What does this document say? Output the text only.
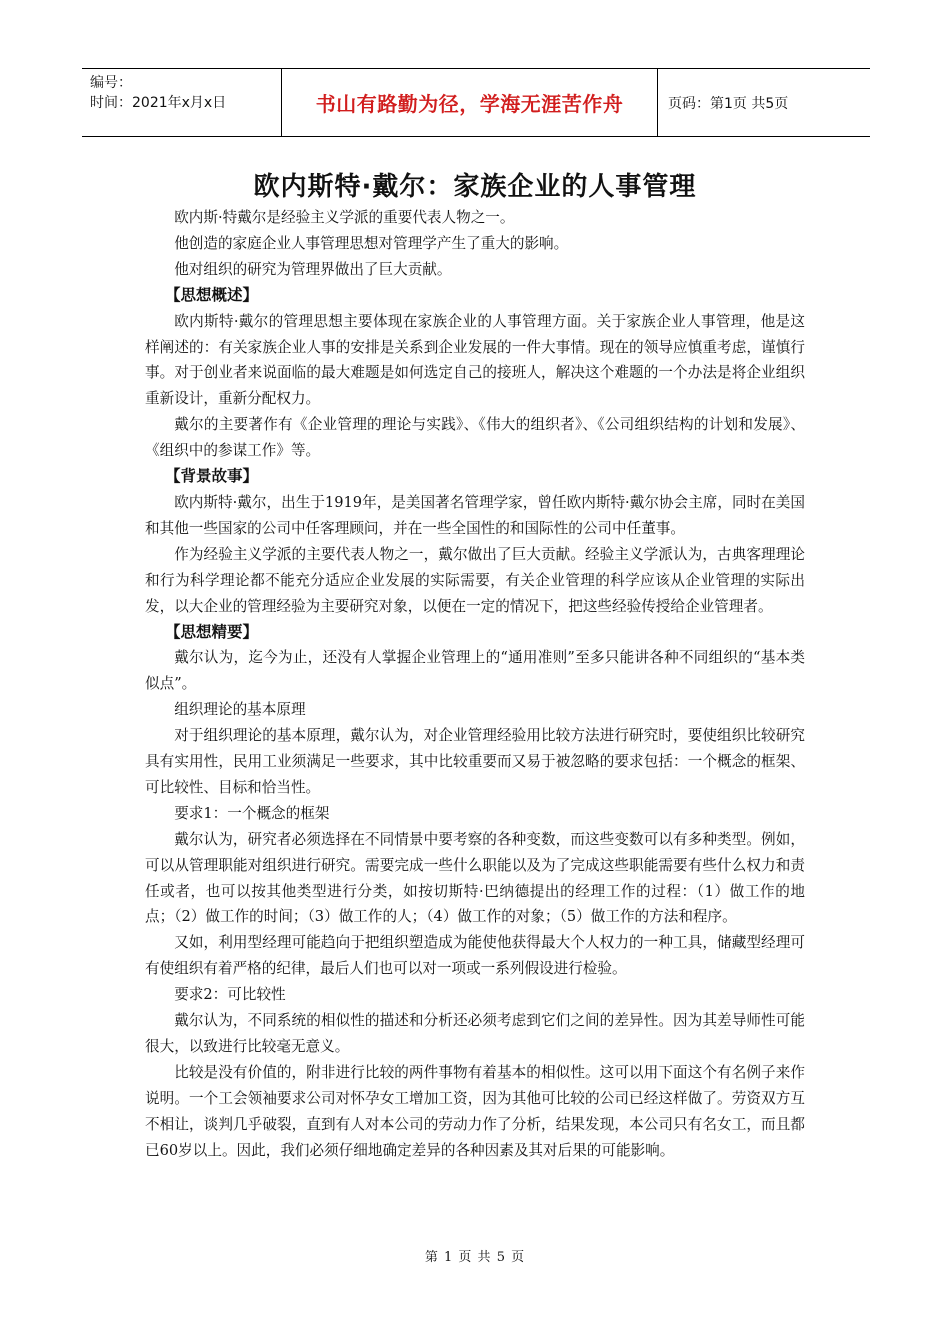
编号：
时间：2021年x月x日	书山有路勤为径，学海无涯苦作舟	页码：第1页 共5页
欧内斯特·戴尔：家族企业的人事管理

欧内斯·特戴尔是经验主义学派的重要代表人物之一。

他创造的家庭企业人事管理思想对管理学产生了重大的影响。

他对组织的研究为管理界做出了巨大贡献。

【思想概述】

欧内斯特·戴尔的管理思想主要体现在家族企业的人事管理方面。关于家族企业人事管理，他是这样阐述的：有关家族企业人事的安排是关系到企业发展的一件大事情。现在的领导应慎重考虑，谨慎行事。对于创业者来说面临的最大难题是如何选定自己的接班人，解决这个难题的一个办法是将企业组织重新设计，重新分配权力。

戴尔的主要著作有《企业管理的理论与实践》、《伟大的组织者》、《公司组织结构的计划和发展》、《组织中的参谋工作》等。

【背景故事】

欧内斯特·戴尔，出生于1919年，是美国著名管理学家，曾任欧内斯特·戴尔协会主席，同时在美国和其他一些国家的公司中任客理顾问，并在一些全国性的和国际性的公司中任董事。

作为经验主义学派的主要代表人物之一，戴尔做出了巨大贡献。经验主义学派认为，古典客理理论和行为科学理论都不能充分适应企业发展的实际需要，有关企业管理的科学应该从企业管理的实际出发，以大企业的管理经验为主要研究对象，以便在一定的情况下，把这些经验传授给企业管理者。

【思想精要】

戴尔认为，迄今为止，还没有人掌握企业管理上的“通用准则”至多只能讲各种不同组织的“基本类似点”。

组织理论的基本原理

对于组织理论的基本原理，戴尔认为，对企业管理经验用比较方法进行研究时，要使组织比较研究具有实用性，民用工业须满足一些要求，其中比较重要而又易于被忽略的要求包括：一个概念的框架、可比较性、目标和恰当性。

要求1：一个概念的框架

戴尔认为，研究者必须选择在不同情景中要考察的各种变数，而这些变数可以有多种类型。例如，可以从管理职能对组织进行研究。需要完成一些什么职能以及为了完成这些职能需要有些什么权力和责任或者，也可以按其他类型进行分类，如按切斯特·巴纳德提出的经理工作的过程：（1）做工作的地点；（2）做工作的时间；（3）做工作的人；（4）做工作的对象；（5）做工作的方法和程序。

又如，利用型经理可能趋向于把组织塑造成为能使他获得最大个人权力的一种工具，储藏型经理可有使组织有着严格的纪律，最后人们也可以对一项或一系列假设进行检验。

要求2：可比较性

戴尔认为，不同系统的相似性的描述和分析还必须考虑到它们之间的差异性。因为其差导师性可能很大，以致进行比较毫无意义。

比较是没有价值的，附非进行比较的两件事物有着基本的相似性。这可以用下面这个有名例子来作说明。一个工会领袖要求公司对怀孕女工增加工资，因为其他可比较的公司已经这样做了。劳资双方互不相让，谈判几乎破裂，直到有人对本公司的劳动力作了分析，结果发现，本公司只有名女工，而且都已60岁以上。因此，我们必须仔细地确定差异的各种因素及其对后果的可能影响。

第 1 页 共 5 页
